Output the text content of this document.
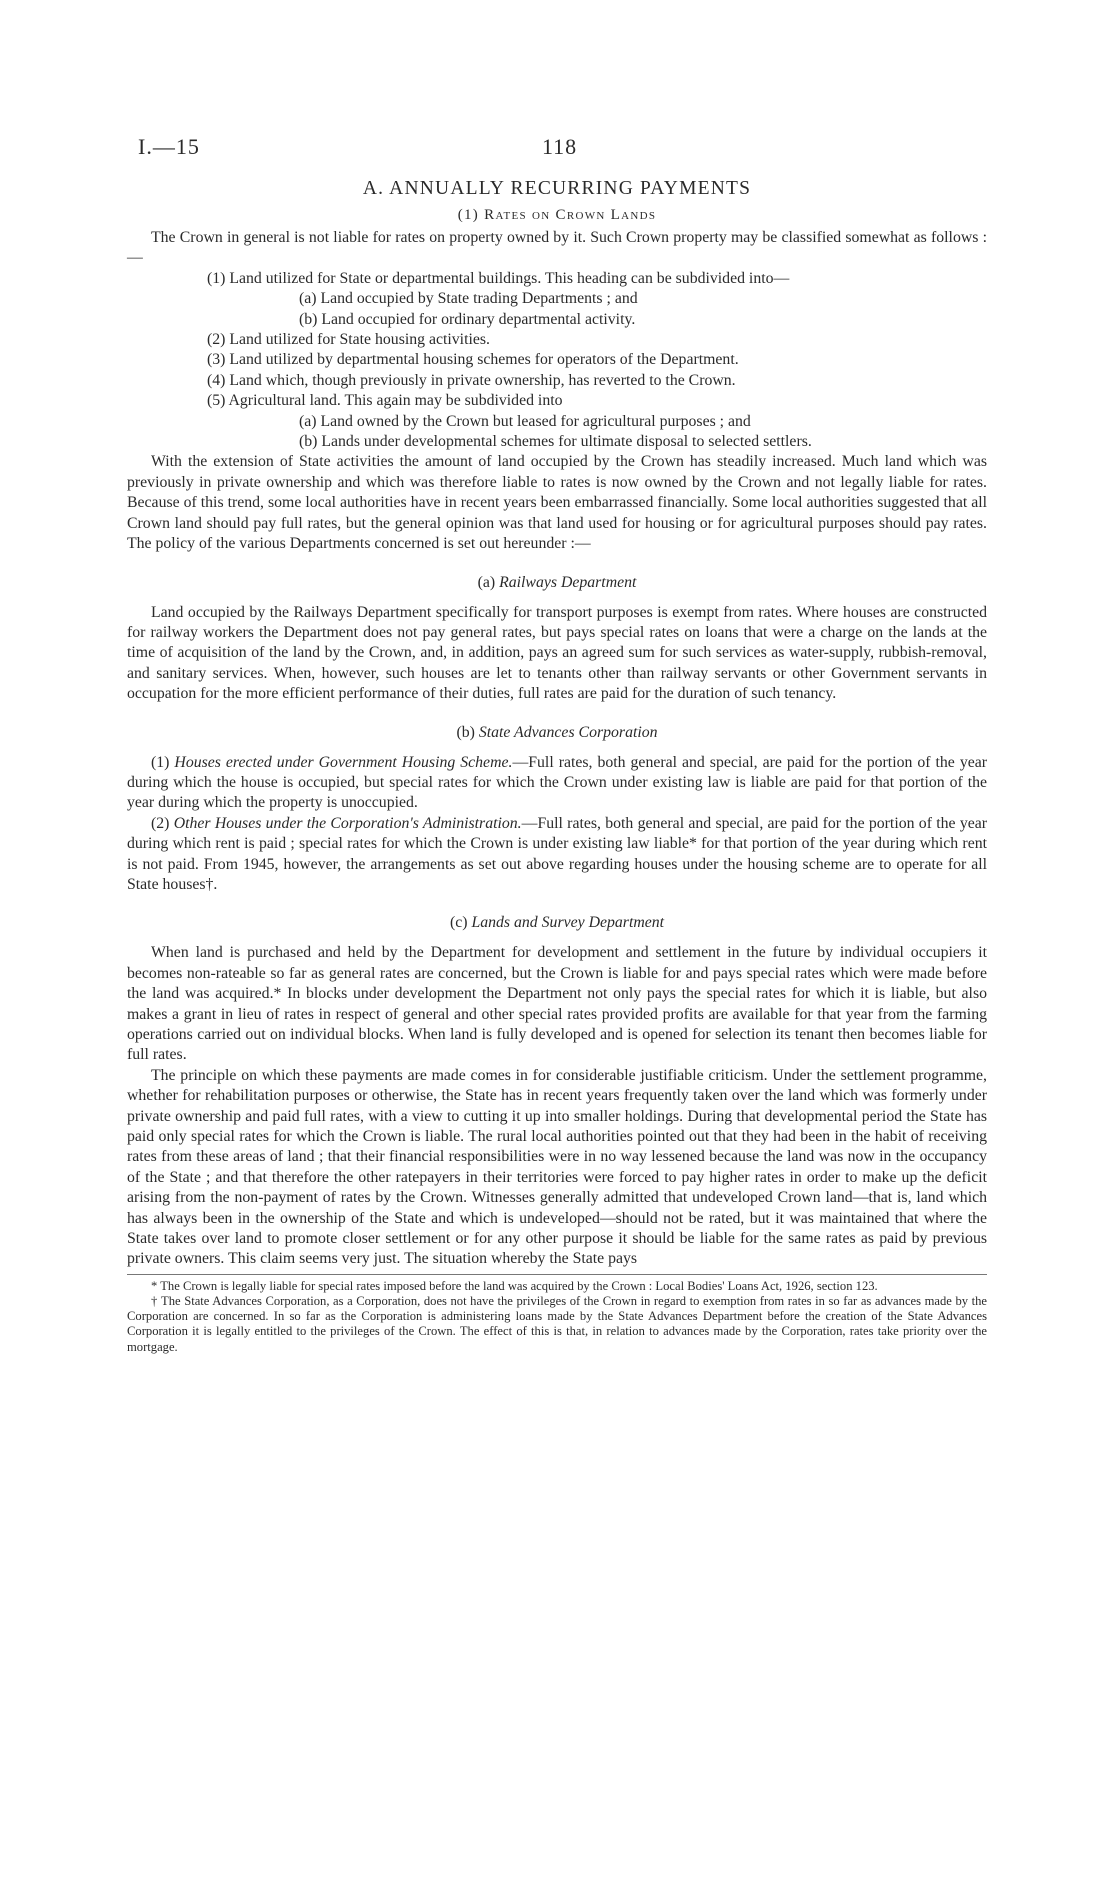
I.—15	118
A. ANNUALLY RECURRING PAYMENTS
(1) Rates on Crown Lands

The Crown in general is not liable for rates on property owned by it. Such Crown property may be classified somewhat as follows :—

(1) Land utilized for State or departmental buildings. This heading can be subdivided into—

(a) Land occupied by State trading Departments ; and

(b) Land occupied for ordinary departmental activity.

(2) Land utilized for State housing activities.

(3) Land utilized by departmental housing schemes for operators of the Department.

(4) Land which, though previously in private ownership, has reverted to the Crown.

(5) Agricultural land. This again may be subdivided into

(a) Land owned by the Crown but leased for agricultural purposes ; and

(b) Lands under developmental schemes for ultimate disposal to selected settlers.

With the extension of State activities the amount of land occupied by the Crown has steadily increased. Much land which was previously in private ownership and which was therefore liable to rates is now owned by the Crown and not legally liable for rates. Because of this trend, some local authorities have in recent years been embarrassed financially. Some local authorities suggested that all Crown land should pay full rates, but the general opinion was that land used for housing or for agricultural purposes should pay rates. The policy of the various Departments concerned is set out hereunder :—

(a) Railways Department

Land occupied by the Railways Department specifically for transport purposes is exempt from rates. Where houses are constructed for railway workers the Department does not pay general rates, but pays special rates on loans that were a charge on the lands at the time of acquisition of the land by the Crown, and, in addition, pays an agreed sum for such services as water-supply, rubbish-removal, and sanitary services. When, however, such houses are let to tenants other than railway servants or other Government servants in occupation for the more efficient performance of their duties, full rates are paid for the duration of such tenancy.

(b) State Advances Corporation

(1) Houses erected under Government Housing Scheme.—Full rates, both general and special, are paid for the portion of the year during which the house is occupied, but special rates for which the Crown under existing law is liable are paid for that portion of the year during which the property is unoccupied.

(2) Other Houses under the Corporation's Administration.—Full rates, both general and special, are paid for the portion of the year during which rent is paid ; special rates for which the Crown is under existing law liable* for that portion of the year during which rent is not paid. From 1945, however, the arrangements as set out above regarding houses under the housing scheme are to operate for all State houses†.

(c) Lands and Survey Department

When land is purchased and held by the Department for development and settlement in the future by individual occupiers it becomes non-rateable so far as general rates are concerned, but the Crown is liable for and pays special rates which were made before the land was acquired.* In blocks under development the Department not only pays the special rates for which it is liable, but also makes a grant in lieu of rates in respect of general and other special rates provided profits are available for that year from the farming operations carried out on individual blocks. When land is fully developed and is opened for selection its tenant then becomes liable for full rates.

The principle on which these payments are made comes in for considerable justifiable criticism. Under the settlement programme, whether for rehabilitation purposes or otherwise, the State has in recent years frequently taken over the land which was formerly under private ownership and paid full rates, with a view to cutting it up into smaller holdings. During that developmental period the State has paid only special rates for which the Crown is liable. The rural local authorities pointed out that they had been in the habit of receiving rates from these areas of land ; that their financial responsibilities were in no way lessened because the land was now in the occupancy of the State ; and that therefore the other ratepayers in their territories were forced to pay higher rates in order to make up the deficit arising from the non-payment of rates by the Crown. Witnesses generally admitted that undeveloped Crown land—that is, land which has always been in the ownership of the State and which is undeveloped—should not be rated, but it was maintained that where the State takes over land to promote closer settlement or for any other purpose it should be liable for the same rates as paid by previous private owners. This claim seems very just. The situation whereby the State pays

* The Crown is legally liable for special rates imposed before the land was acquired by the Crown : Local Bodies' Loans Act, 1926, section 123.

† The State Advances Corporation, as a Corporation, does not have the privileges of the Crown in regard to exemption from rates in so far as advances made by the Corporation are concerned. In so far as the Corporation is administering loans made by the State Advances Department before the creation of the State Advances Corporation it is legally entitled to the privileges of the Crown. The effect of this is that, in relation to advances made by the Corporation, rates take priority over the mortgage.
